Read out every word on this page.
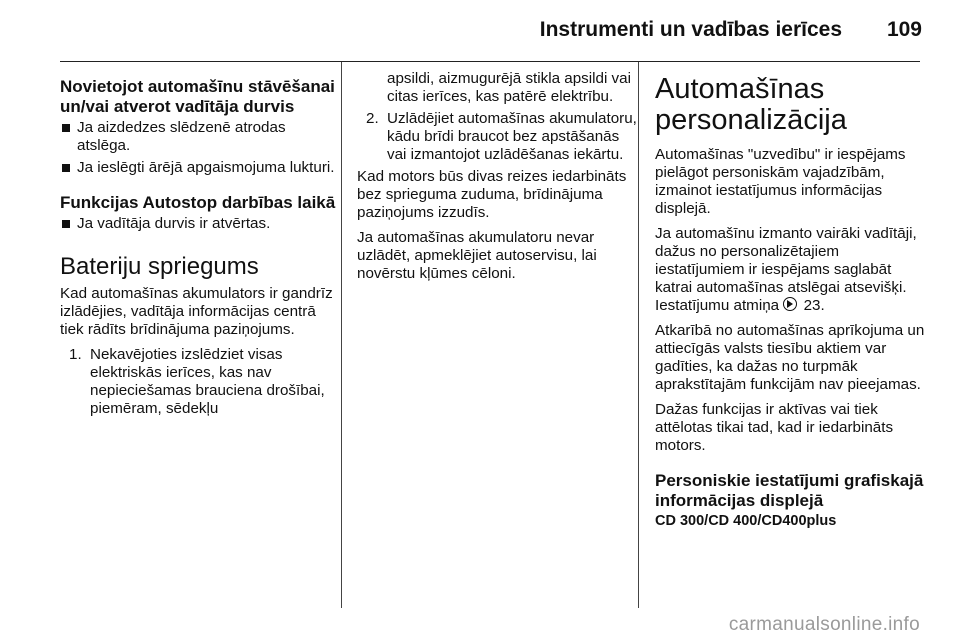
Instrumenti un vadības ierīces 109
Novietojot automašīnu stāvēšanai un/vai atverot vadītāja durvis
Ja aizdedzes slēdzenē atrodas atslēga.
Ja ieslēgti ārējā apgaismojuma lukturi.
Funkcijas Autostop darbības laikā
Ja vadītāja durvis ir atvērtas.
Bateriju spriegums

Kad automašīnas akumulators ir gandrīz izlādējies, vadītāja informācijas centrā tiek rādīts brīdinājuma paziņojums.

1. Nekavējoties izslēdziet visas elektriskās ierīces, kas nav nepieciešamas brauciena drošībai, piemēram, sēdekļu
apsildi, aizmugurējā stikla apsildi vai citas ierīces, kas patērē elektrību.
2. Uzlādējiet automašīnas akumulatoru, kādu brīdi braucot bez apstāšanās vai izmantojot uzlādēšanas iekārtu.

Kad motors būs divas reizes iedarbināts bez sprieguma zuduma, brīdinājuma paziņojums izzudīs.

Ja automašīnas akumulatoru nevar uzlādēt, apmeklējiet autoservisu, lai novērstu kļūmes cēloni.

Automašīnas personalizācija

Automašīnas "uzvedību" ir iespējams pielāgot personiskām vajadzībām, izmainot iestatījumus informācijas displejā.

Ja automašīnu izmanto vairāki vadītāji, dažus no personalizētajiem iestatījumiem ir iespējams saglabāt katrai automašīnas atslēgai atsevišķi. Iestatījumu atmiņa 23.

Atkarībā no automašīnas aprīkojuma un attiecīgās valsts tiesību aktiem var gadīties, ka dažas no turpmāk aprakstītajām funkcijām nav pieejamas.

Dažas funkcijas ir aktīvas vai tiek attēlotas tikai tad, kad ir iedarbināts motors.

Personiskie iestatījumi grafiskajā informācijas displejā
CD 300/CD 400/CD400plus
carmanualsonline.info
